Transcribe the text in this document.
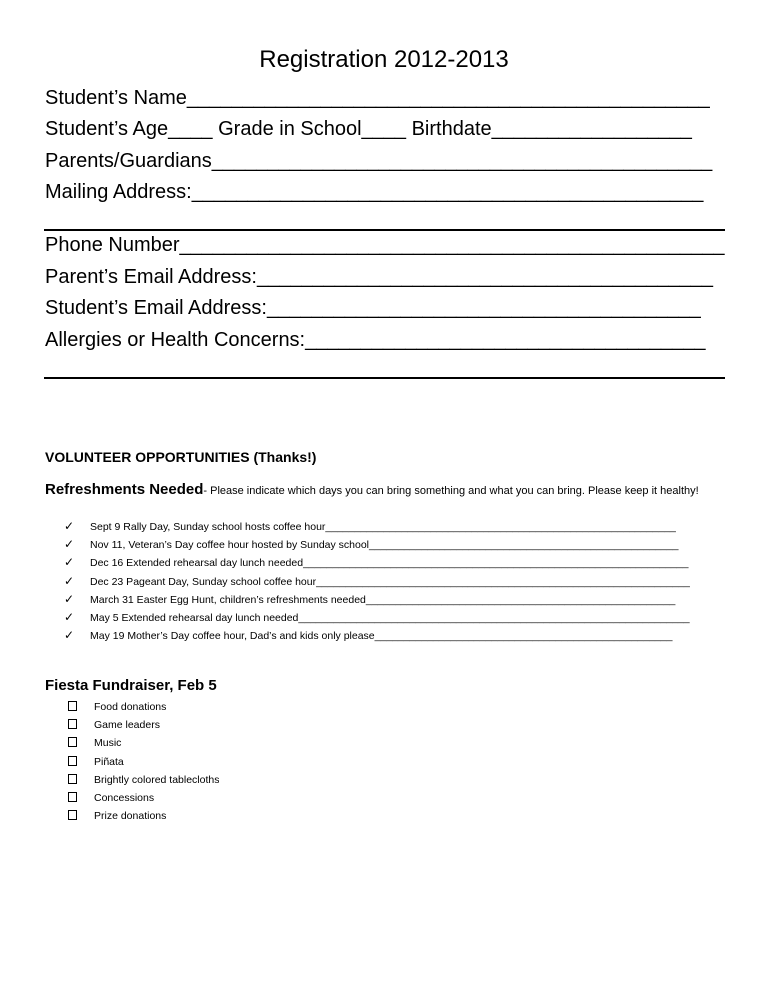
Registration 2012-2013
Student’s Name_______________________________________________
Student’s Age____ Grade in School____ Birthdate__________________
Parents/Guardians_____________________________________________
Mailing Address:______________________________________________
Phone Number_________________________________________________
Parent’s Email Address:_________________________________________
Student’s Email Address:_______________________________________
Allergies or Health Concerns:____________________________________
VOLUNTEER OPPORTUNITIES (Thanks!)
Refreshments Needed- Please indicate which days you can bring something and what you can bring. Please keep it healthy!
✓ Sept 9 Rally Day, Sunday school hosts coffee hour____________________________________________________________
✓ Nov 11, Veteran’s Day coffee hour hosted by Sunday school_____________________________________________________
✓ Dec 16 Extended rehearsal day lunch needed__________________________________________________________________
✓ Dec 23 Pageant Day, Sunday school coffee hour________________________________________________________________
✓ March 31 Easter Egg Hunt, children’s refreshments needed_____________________________________________________
✓ May 5 Extended rehearsal day lunch needed___________________________________________________________________
✓ May 19 Mother’s Day coffee hour, Dad’s and kids only please___________________________________________________
Fiesta Fundraiser, Feb 5
Food donations
Game leaders
Music
Piñata
Brightly colored tablecloths
Concessions
Prize donations
